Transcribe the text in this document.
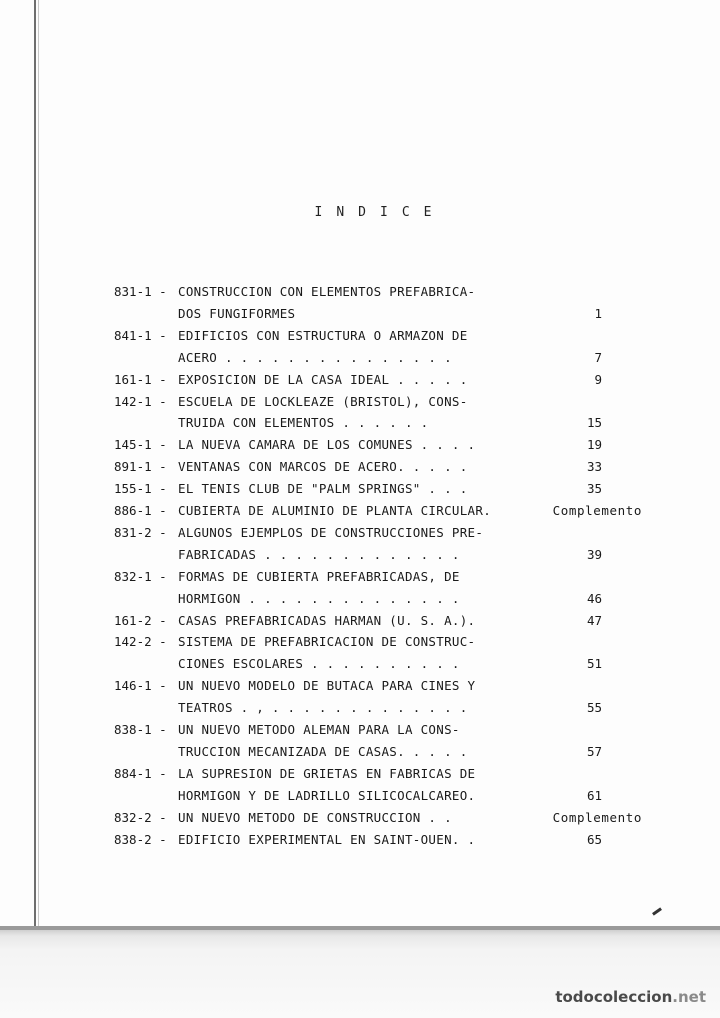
INDICE
831-1 - CONSTRUCCION CON ELEMENTOS PREFABRICA-
DOS FUNGIFORMES	1
841-1 - EDIFICIOS CON ESTRUCTURA O ARMAZON DE
ACERO . . . . . . . . . . . . . . .	7
161-1 - EXPOSICION DE LA CASA IDEAL . . . . .	9
142-1 - ESCUELA DE LOCKLEAZE (BRISTOL), CONS-
TRUIDA CON ELEMENTOS . . . . . .	15
145-1 - LA NUEVA CAMARA DE LOS COMUNES . . . .	19
891-1 - VENTANAS CON MARCOS DE ACERO. . . . .	33
155-1 - EL TENIS CLUB DE "PALM SPRINGS" . . .	35
886-1 - CUBIERTA DE ALUMINIO DE PLANTA CIRCULAR.	Complemento
831-2 - ALGUNOS EJEMPLOS DE CONSTRUCCIONES PRE-
FABRICADAS . . . . . . . . . . . . .	39
832-1 - FORMAS DE CUBIERTA PREFABRICADAS, DE
HORMIGON . . . . . . . . . . . . . .	46
161-2 - CASAS PREFABRICADAS HARMAN (U. S. A.).	47
142-2 - SISTEMA DE PREFABRICACION DE CONSTRUC-
CIONES ESCOLARES . . . . . . . . . .	51
146-1 - UN NUEVO MODELO DE BUTACA PARA CINES Y
TEATROS . , . . . . . . . . . . . . .	55
838-1 - UN NUEVO METODO ALEMAN PARA LA CONS-
TRUCCION MECANIZADA DE CASAS. . . . .	57
884-1 - LA SUPRESION DE GRIETAS EN FABRICAS DE
HORMIGON Y DE LADRILLO SILICOCALCAREO.	61
832-2 - UN NUEVO METODO DE CONSTRUCCION . .	Complemento
838-2 - EDIFICIO EXPERIMENTAL EN SAINT-OUEN. .	65
todocoleccion.net
